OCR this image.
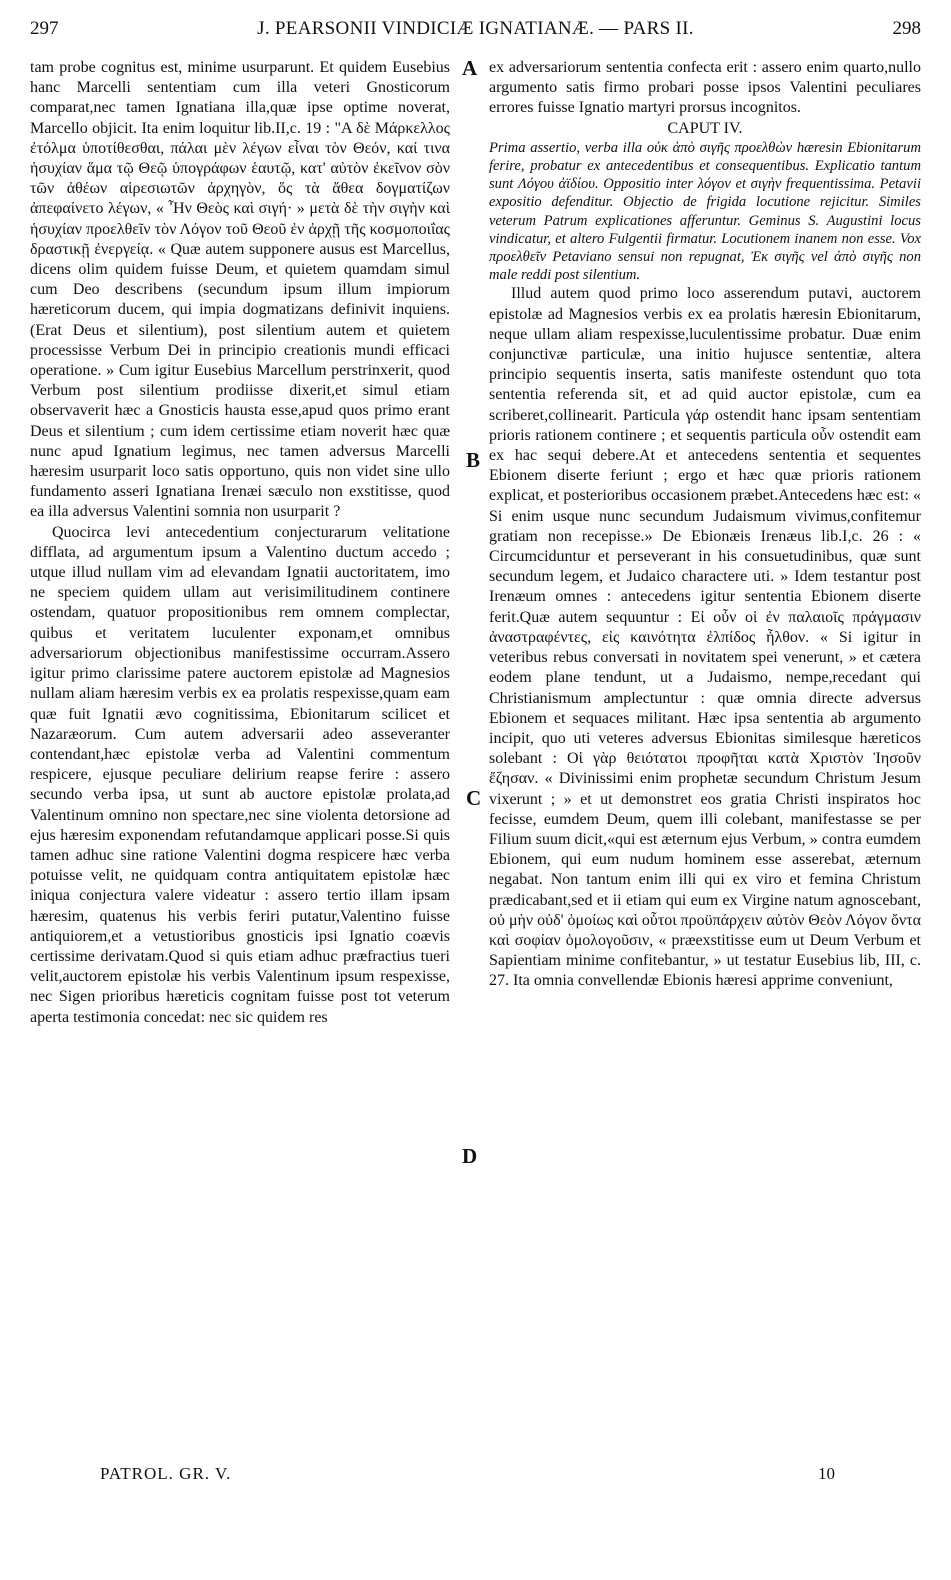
297	J. PEARSONII VINDICIÆ IGNATIANÆ. — PARS II.	298

tam probe cognitus est, minime usurparunt. Et quidem Eusebius hanc Marcelli sententiam cum illa veteri Gnosticorum comparat,nec tamen Ignatiana illa,quæ ipse optime noverat, Marcello objicit. Ita enim loquitur lib.II,c. 19 : "Α δὲ Μάρκελλος ἐτόλμα ὑποτίθεσθαι, πάλαι μὲν λέγων εἶναι τὸν Θεόν, καί τινα ἡσυχίαν ἅμα τῷ Θεῷ ὑπογράφων ἑαυτῷ, κατ' αὐτὸν ἐκεῖνον σὸν τῶν ἀθέων αἱρεσιωτῶν ἀρχηγὸν, ὅς τὰ ἄθεα δογματίζων ἀπεφαίνετο λέγων, « Ἦν Θεὸς καὶ σιγή· » μετὰ δὲ τὴν σιγὴν καὶ ἡσυχίαν προελθεῖν τὸν Λόγον τοῦ Θεοῦ ἐν ἀρχῇ τῆς κοσμοποιΐας δραστικῇ ἐνεργείᾳ. « Quæ autem supponere ausus est Marcellus, dicens olim quidem fuisse Deum, et quietem quamdam simul cum Deo describens (secundum ipsum illum impiorum hæreticorum ducem, qui impia dogmatizans definivit inquiens. (Erat Deus et silentium), post silentium autem et quietem processisse Verbum Dei in principio creationis mundi efficaci operatione. » Cum igitur Eusebius Marcellum perstrinxerit, quod Verbum post silentium prodiisse dixerit,et simul etiam observaverit hæc a Gnosticis hausta esse,apud quos primo erant Deus et silentium ; cum idem certissime etiam noverit hæc quæ nunc apud Ignatium legimus, nec tamen adversus Marcelli hæresim usurparit loco satis opportuno, quis non videt sine ullo fundamento asseri Ignatiana Irenæi sæculo non exstitisse, quod ea illa adversus Valentini somnia non usurparit ?

Quocirca levi antecedentium conjecturarum velitatione difflata, ad argumentum ipsum a Valentino ductum accedo ; utque illud nullam vim ad elevandam Ignatii auctoritatem, imo ne speciem quidem ullam aut verisimilitudinem continere ostendam, quatuor propositionibus rem omnem complectar, quibus et veritatem luculenter exponam,et omnibus adversariorum objectionibus manifestissime occurram.Assero igitur primo clarissime patere auctorem epistolæ ad Magnesios nullam aliam hæresim verbis ex ea prolatis respexisse,quam eam quæ fuit Ignatii ævo cognitissima, Ebionitarum scilicet et Nazaræorum. Cum autem adversarii adeo asseveranter contendant,hæc epistolæ verba ad Valentini commentum respicere, ejusque peculiare delirium reapse ferire : assero secundo verba ipsa, ut sunt ab auctore epistolæ prolata,ad Valentinum omnino non spectare,nec sine violenta detorsione ad ejus hæresim exponendam refutandamque applicari posse.Si quis tamen adhuc sine ratione Valentini dogma respicere hæc verba potuisse velit, ne quidquam contra antiquitatem epistolæ hæc iniqua conjectura valere videatur : assero tertio illam ipsam hæresim, quatenus his verbis feriri putatur,Valentino fuisse antiquiorem,et a vetustioribus gnosticis ipsi Ignatio coævis certissime derivatam.Quod si quis etiam adhuc præfractius tueri velit,auctorem epistolæ his verbis Valentinum ipsum respexisse, nec Sigen prioribus hæreticis cognitam fuisse post tot veterum aperta testimonia concedat: nec sic quidem res

A
B
C
D

ex adversariorum sententia confecta erit : assero enim quarto,nullo argumento satis firmo probari posse ipsos Valentini peculiares errores fuisse Ignatio martyri prorsus incognitos.

CAPUT IV.

Prima assertio, verba illa οὐκ ἀπὸ σιγῆς προελθὼν hæresin Ebionitarum ferire, probatur ex antecedentibus et consequentibus. Explicatio tantum sunt Λόγου ἀϊδίου. Oppositio inter λόγον et σιγὴν frequentissima. Petavii expositio defenditur. Objectio de frigida locutione rejicitur. Similes veterum Patrum explicationes afferuntur. Geminus S. Augustini locus vindicatur, et altero Fulgentii firmatur. Locutionem inanem non esse. Vox προελθεῖν Petaviano sensui non repugnat, Ἐκ σιγῆς vel ἀπὸ σιγῆς non male reddi post silentium.

Illud autem quod primo loco asserendum putavi, auctorem epistolæ ad Magnesios verbis ex ea prolatis hæresin Ebionitarum, neque ullam aliam respexisse,luculentissime probatur. Duæ enim conjunctivæ particulæ, una initio hujusce sententiæ, altera principio sequentis inserta, satis manifeste ostendunt quo tota sententia referenda sit, et ad quid auctor epistolæ, cum ea scriberet,collinearit. Particula γάρ ostendit hanc ipsam sententiam prioris rationem continere ; et sequentis particula οὖν ostendit eam ex hac sequi debere.At et antecedens sententia et sequentes Ebionem diserte feriunt ; ergo et hæc quæ prioris rationem explicat, et posterioribus occasionem præbet.Antecedens hæc est: « Si enim usque nunc secundum Judaismum vivimus,confitemur gratiam non recepisse.» De Ebionæis Irenæus lib.I,c. 26 : « Circumciduntur et perseverant in his consuetudinibus, quæ sunt secundum legem, et Judaico charactere uti. » Idem testantur post Irenæum omnes : antecedens igitur sententia Ebionem diserte ferit.Quæ autem sequuntur : Εἰ οὖν οἱ ἐν παλαιοῖς πράγμασιν ἀναστραφέντες, εἰς καινότητα ἐλπίδος ἦλθον. « Si igitur in veteribus rebus conversati in novitatem spei venerunt, » et cætera eodem plane tendunt, ut a Judaismo, nempe,recedant qui Christianismum amplectuntur : quæ omnia directe adversus Ebionem et sequaces militant. Hæc ipsa sententia ab argumento incipit, quo uti veteres adversus Ebionitas similesque hæreticos solebant : Οἱ γὰρ θειότατοι προφῆται κατὰ Χριστὸν Ἰησοῦν ἔζησαν. « Divinissimi enim prophetæ secundum Christum Jesum vixerunt ; » et ut demonstret eos gratia Christi inspiratos hoc fecisse, eumdem Deum, quem illi colebant, manifestasse se per Filium suum dicit,«qui est æternum ejus Verbum, » contra eumdem Ebionem, qui eum nudum hominem esse asserebat, æternum negabat. Non tantum enim illi qui ex viro et femina Christum prædicabant,sed et ii etiam qui eum ex Virgine natum agnoscebant, οὐ μὴν οὐδ' ὁμοίως καὶ οὗτοι προϋπάρχειν αὐτὸν Θεὸν Λόγον ὄντα καὶ σοφίαν ὁμολογοῦσιν, « præexstitisse eum ut Deum Verbum et Sapientiam minime confitebantur, » ut testatur Eusebius lib, III, c. 27. Ita omnia convellendæ Ebionis hæresi apprime conveniunt,

PATROL. GR. V.	10
